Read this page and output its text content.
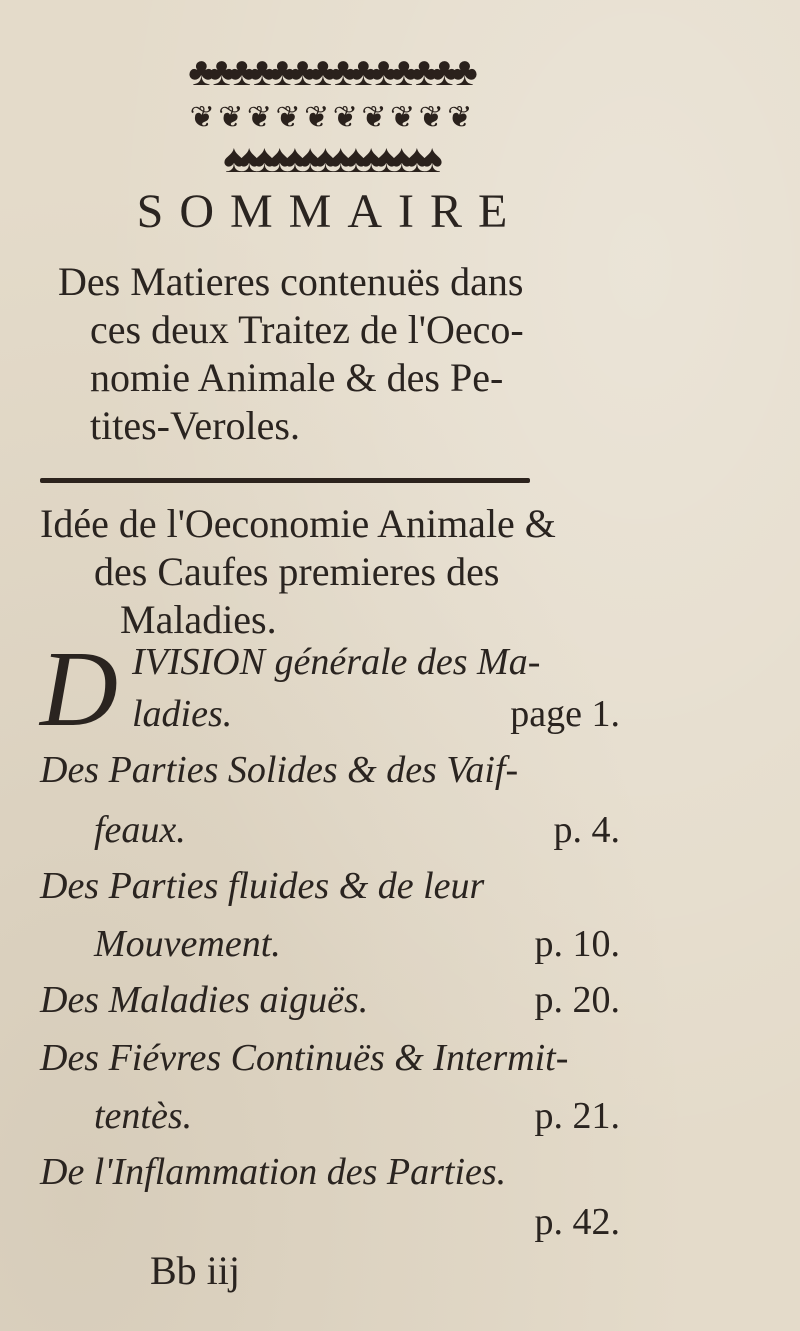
♣♣♣♣♣♣♣♣♣♣♣♣♣♣
❦ ❦ ❦ ❦ ❦ ❦ ❦ ❦ ❦ ❦
♠♠♠♠♠♠♠♠♠♠♠♠♠♠
SOMMAIRE
Des Matieres contenuës dans
ces deux Traitez de l'Oeco-
nomie Animale & des Pe-
tites-Veroles.
Idée de l'Oeconomie Animale &
des Caufes premieres des
Maladies.
D IVISION générale des Ma-
ladies.	page 1.
Des Parties Solides & des Vaif-
feaux.	p. 4.
Des Parties fluides & de leur
Mouvement.	p. 10.
Des Maladies aiguës.	p. 20.
Des Fiévres Continuës & Intermit-
tentès.	p. 21.
De l'Inflammation des Parties.
p. 42.
Bb iij
